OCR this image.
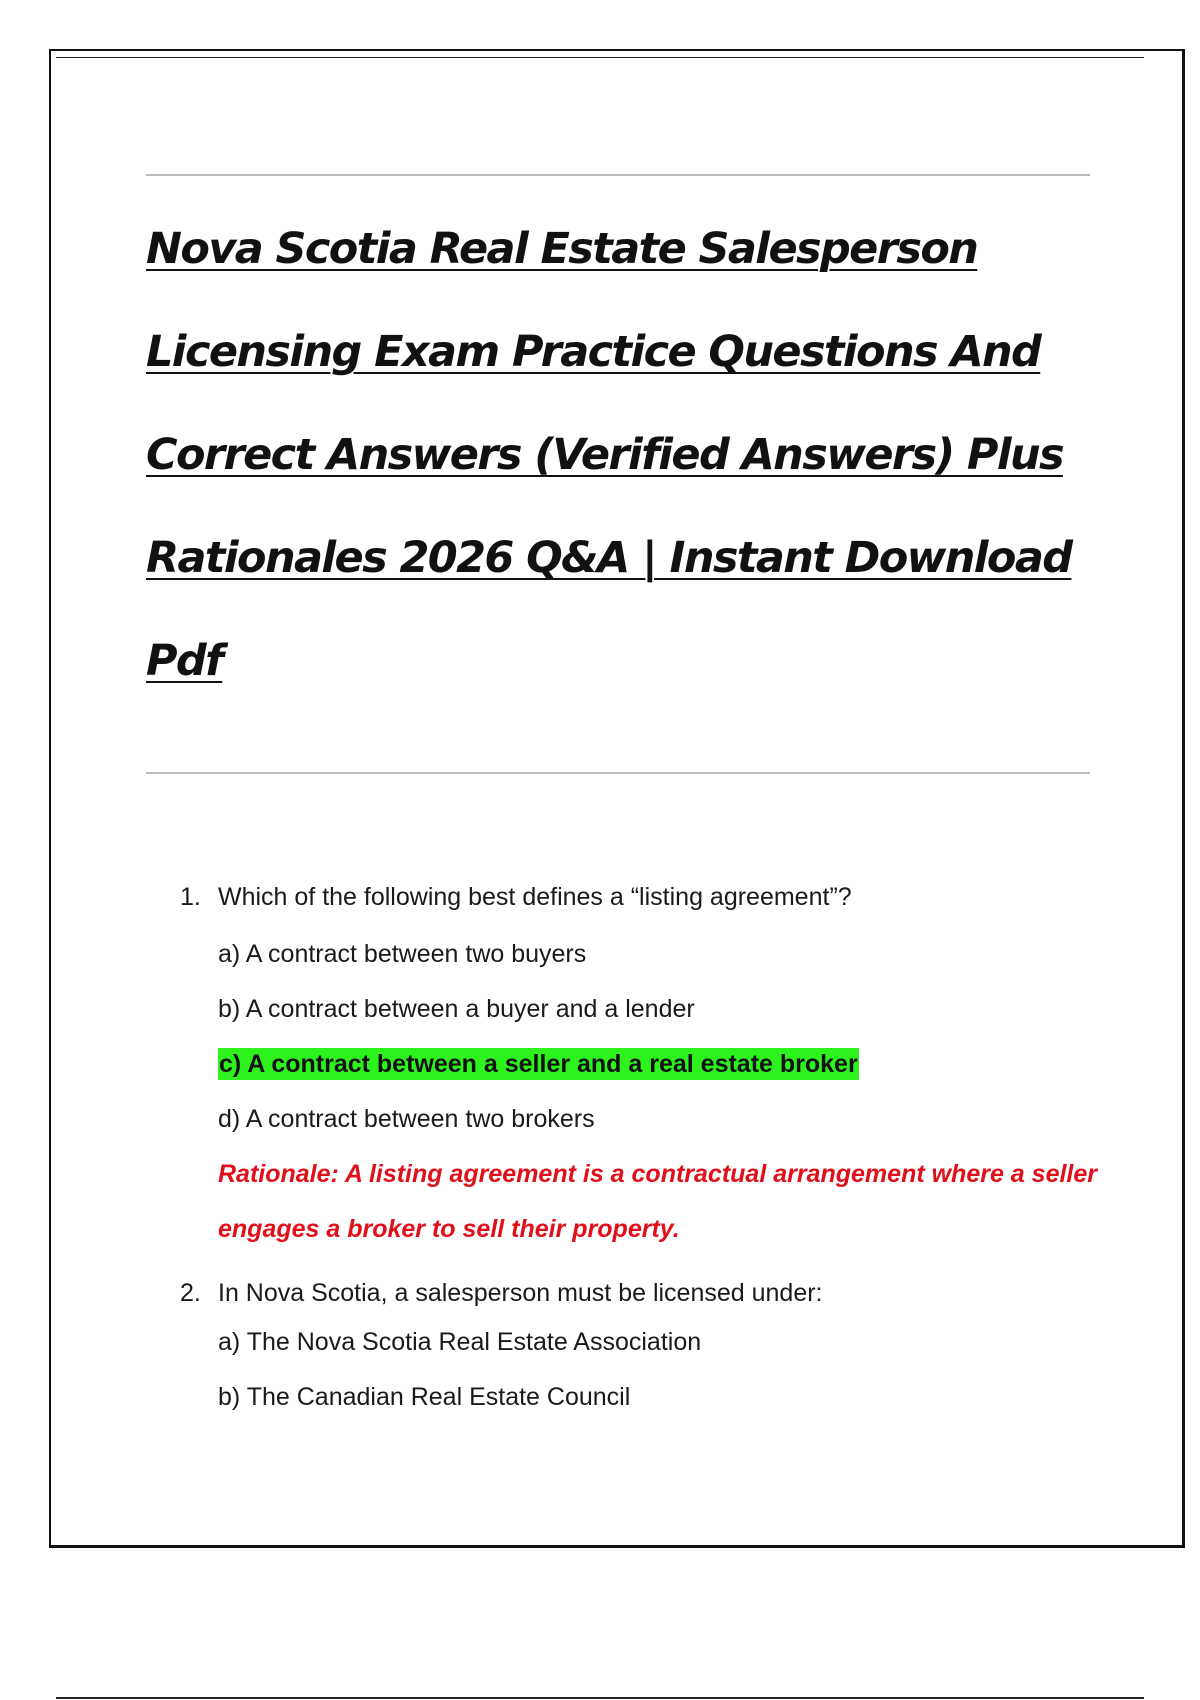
Nova Scotia Real Estate Salesperson Licensing Exam Practice Questions And Correct Answers (Verified Answers) Plus Rationales 2026 Q&A | Instant Download Pdf
1. Which of the following best defines a “listing agreement”?
a) A contract between two buyers
b) A contract between a buyer and a lender
c) A contract between a seller and a real estate broker
d) A contract between two brokers

Rationale: A listing agreement is a contractual arrangement where a seller engages a broker to sell their property.

2. In Nova Scotia, a salesperson must be licensed under:
a) The Nova Scotia Real Estate Association
b) The Canadian Real Estate Council
